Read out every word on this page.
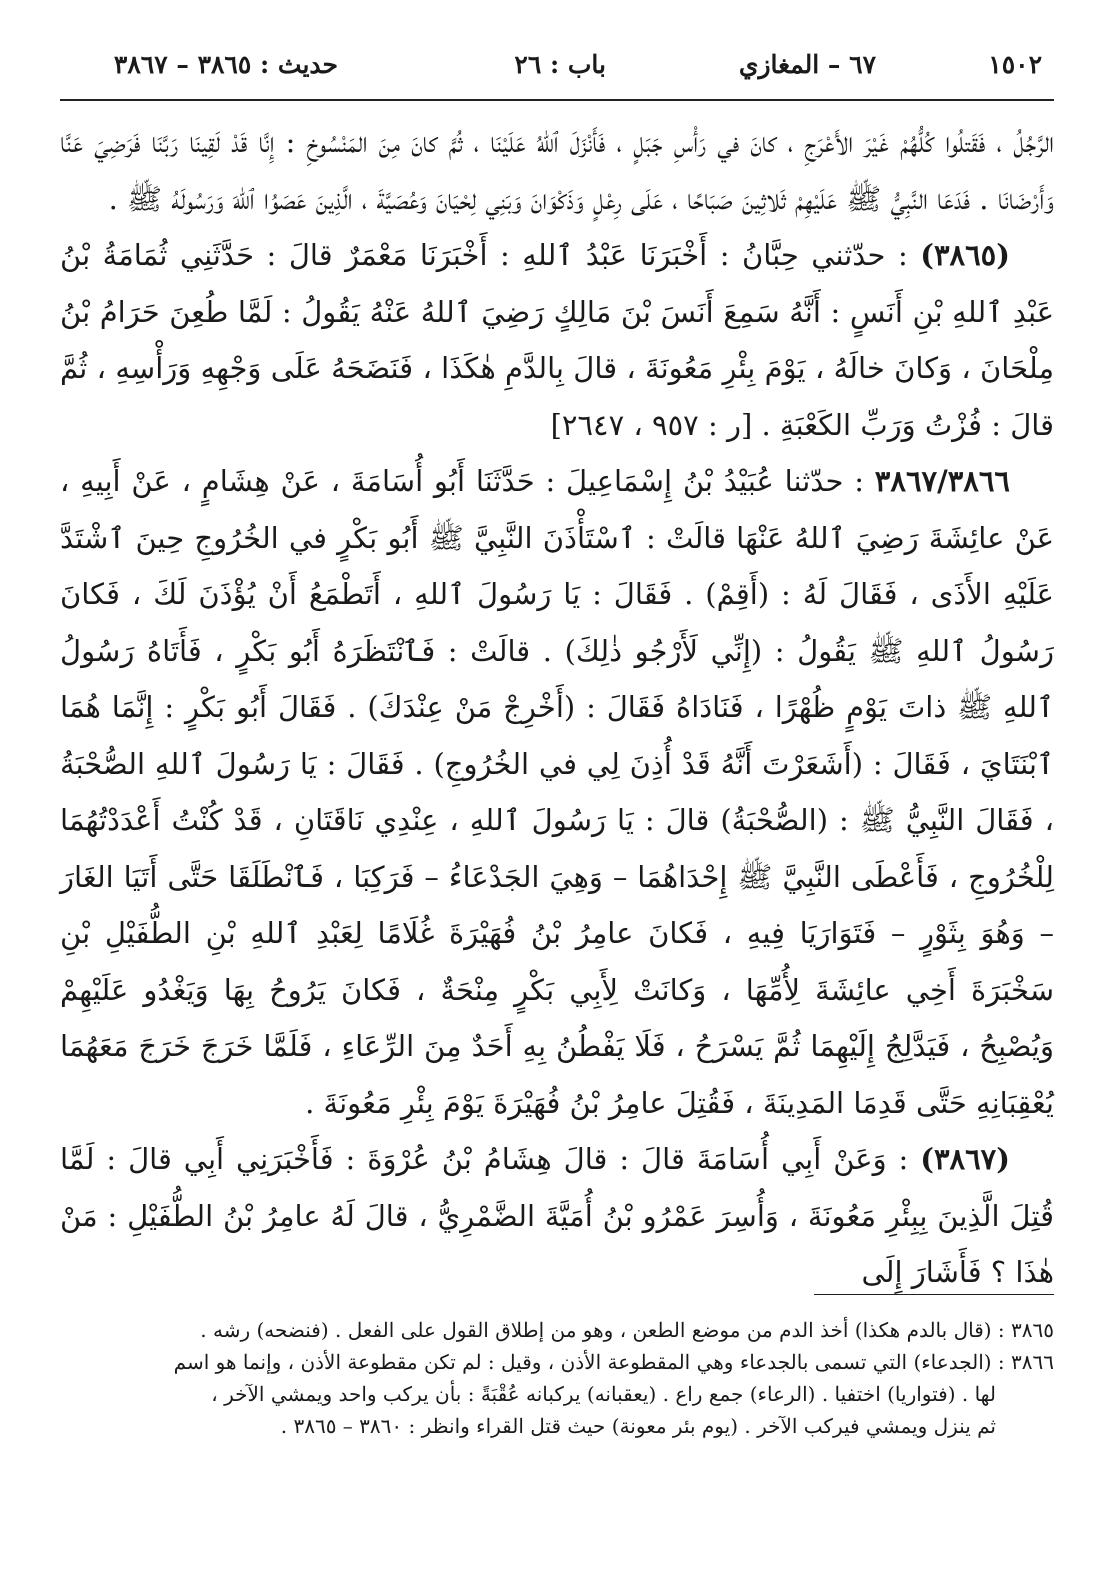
١٥٠٢
٦٧ – المغازي
باب : ٢٦
حديث : ٣٨٦٥ – ٣٨٦٧

الرَّجُلُ ، فَقَتلُوا كُلُّهُمْ غَيْرَ الأَعْرَجِ ، كانَ في رَأْسِ جَبَلٍ ، فَأَنْزَلَ ٱللهُ عَلَيْنَا ، ثُمَّ كانَ مِنَ المَنْسُوخِ : إِنَّا قَدْ لَقِينَا رَبَّنَا فَرَضِيَ عَنَّا وَأَرْضَانَا . فَدَعَا النَّبِيُّ ﷺ عَلَيْهِمْ ثَلاثِينَ صَبَاحًا ، عَلَى رِعْلٍ وَذَكْوَانَ وَبَنِي لِحْيَانَ وَعُصَيَّةَ ، الَّذِينَ عَصَوُا ٱللهَ وَرَسُولَهُ ﷺ .

(٣٨٦٥) : حدّثني حِبَّانُ : أَخْبَرَنَا عَبْدُ ٱللهِ : أَخْبَرَنَا مَعْمَرٌ قالَ : حَدَّثَنِي ثُمَامَةُ بْنُ عَبْدِ ٱللهِ بْنِ أَنَسٍ : أَنَّهُ سَمِعَ أَنَسَ بْنَ مَالِكٍ رَضِيَ ٱللهُ عَنْهُ يَقُولُ : لَمَّا طُعِنَ حَرَامُ بْنُ مِلْحَانَ ، وَكانَ خالَهُ ، يَوْمَ بِئْرِ مَعُونَةَ ، قالَ بِالدَّمِ هٰكَذَا ، فَنَضَحَهُ عَلَى وَجْهِهِ وَرَأْسِهِ ، ثُمَّ قالَ : فُزْتُ وَرَبِّ الكَعْبَةِ . [ر : ٩٥٧ ، ٢٦٤٧]

٣٨٦٧/٣٨٦٦ : حدّثنا عُبَيْدُ بْنُ إِسْمَاعِيلَ : حَدَّثَنَا أَبُو أُسَامَةَ ، عَنْ هِشَامٍ ، عَنْ أَبِيهِ ، عَنْ عائِشَةَ رَضِيَ ٱللهُ عَنْهَا قالَتْ : ٱسْتَأْذَنَ النَّبِيَّ ﷺ أَبُو بَكْرٍ في الخُرُوجِ حِينَ ٱشْتَدَّ عَلَيْهِ الأَذَى ، فَقَالَ لَهُ : (أَقِمْ) . فَقَالَ : يَا رَسُولَ ٱللهِ ، أَتَطْمَعُ أَنْ يُؤْذَنَ لَكَ ، فَكانَ رَسُولُ ٱللهِ ﷺ يَقُولُ : (إِنِّي لَأَرْجُو ذٰلِكَ) . قالَتْ : فَٱنْتَظَرَهُ أَبُو بَكْرٍ ، فَأَتَاهُ رَسُولُ ٱللهِ ﷺ ذاتَ يَوْمٍ ظُهْرًا ، فَنَادَاهُ فَقَالَ : (أَخْرِجْ مَنْ عِنْدَكَ) . فَقَالَ أَبُو بَكْرٍ : إِنَّمَا هُمَا ٱبْنَتَايَ ، فَقَالَ : (أَشَعَرْتَ أَنَّهُ قَدْ أُذِنَ لِي في الخُرُوجِ) . فَقَالَ : يَا رَسُولَ ٱللهِ الصُّحْبَةُ ، فَقَالَ النَّبِيُّ ﷺ : (الصُّحْبَةُ) قالَ : يَا رَسُولَ ٱللهِ ، عِنْدِي نَاقَتَانِ ، قَدْ كُنْتُ أَعْدَدْتُهُمَا لِلْخُرُوجِ ، فَأَعْطَى النَّبِيَّ ﷺ إِحْدَاهُمَا – وَهِيَ الجَدْعَاءُ – فَرَكِبَا ، فَٱنْطَلَقَا حَتَّى أَتَيَا الغَارَ – وَهُوَ بِثَوْرٍ – فَتَوَارَيَا فِيهِ ، فَكانَ عامِرُ بْنُ فُهَيْرَةَ غُلَامًا لِعَبْدِ ٱللهِ بْنِ الطُّفَيْلِ بْنِ سَخْبَرَةَ أَخِي عائِشَةَ لِأُمِّهَا ، وَكانَتْ لِأَبِي بَكْرٍ مِنْحَةٌ ، فَكانَ يَرُوحُ بِهَا وَيَغْدُو عَلَيْهِمْ وَيُصْبِحُ ، فَيَدَّلِجُ إِلَيْهِمَا ثُمَّ يَسْرَحُ ، فَلَا يَفْطُنُ بِهِ أَحَدٌ مِنَ الرِّعَاءِ ، فَلَمَّا خَرَجَ خَرَجَ مَعَهُمَا يُعْقِبَانِهِ حَتَّى قَدِمَا المَدِينَةَ ، فَقُتِلَ عامِرُ بْنُ فُهَيْرَةَ يَوْمَ بِئْرِ مَعُونَةَ .

(٣٨٦٧) : وَعَنْ أَبِي أُسَامَةَ قالَ : قالَ هِشَامُ بْنُ عُرْوَةَ : فَأَخْبَرَنِي أَبِي قالَ : لَمَّا قُتِلَ الَّذِينَ بِبِئْرِ مَعُونَةَ ، وَأُسِرَ عَمْرُو بْنُ أُمَيَّةَ الضَّمْرِيُّ ، قالَ لَهُ عامِرُ بْنُ الطُّفَيْلِ : مَنْ هٰذَا ؟ فَأَشَارَ إِلَى

٣٨٦٥ : (قال بالدم هكذا) أخذ الدم من موضع الطعن ، وهو من إطلاق القول على الفعل . (فنضحه) رشه .

٣٨٦٦ : (الجدعاء) التي تسمى بالجدعاء وهي المقطوعة الأذن ، وقيل : لم تكن مقطوعة الأذن ، وإنما هو اسم

لها . (فتواريا) اختفيا . (الرعاء) جمع راع . (يعقبانه) يركبانه عُقْبَةً : بأن يركب واحد ويمشي الآخر ،

ثم ينزل ويمشي فيركب الآخر . (يوم بئر معونة) حيث قتل القراء وانظر : ٣٨٦٠ – ٣٨٦٥ .
